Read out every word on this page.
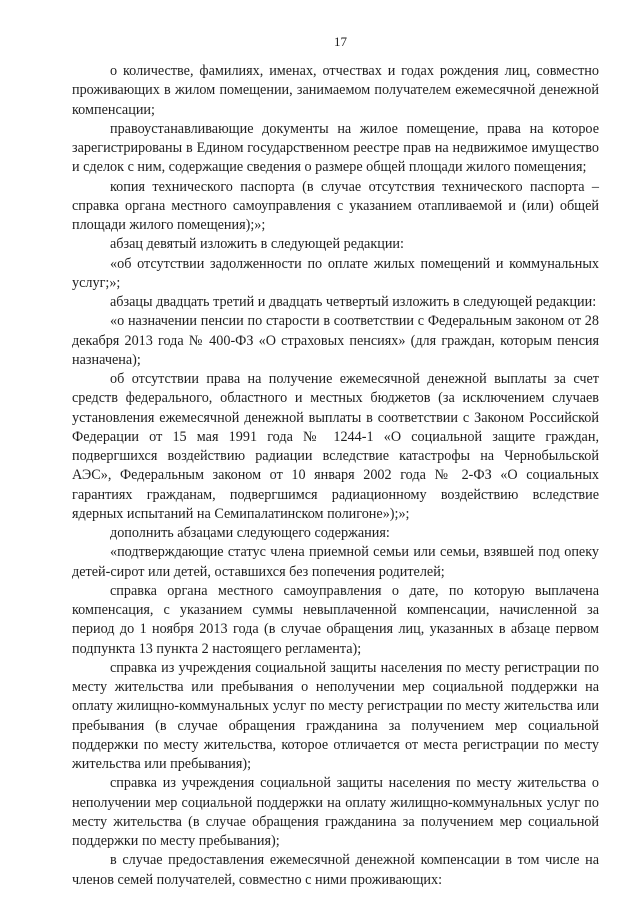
17

о количестве, фамилиях, именах, отчествах и годах рождения лиц, совместно проживающих в жилом помещении, занимаемом получателем ежемесячной денежной компенсации;

правоустанавливающие документы на жилое помещение, права на которое зарегистрированы в Едином государственном реестре прав на недвижимое имущество и сделок с ним, содержащие сведения о размере общей площади жилого помещения;

копия технического паспорта (в случае отсутствия технического паспорта – справка органа местного самоуправления с указанием отапливаемой и (или) общей площади жилого помещения);»;

абзац девятый изложить в следующей редакции:

«об отсутствии задолженности по оплате жилых помещений и коммунальных услуг;»;

абзацы двадцать третий и двадцать четвертый изложить в следующей редакции:

«о назначении пенсии по старости в соответствии с Федеральным законом от 28 декабря 2013 года № 400-ФЗ «О страховых пенсиях» (для граждан, которым пенсия назначена);

об отсутствии права на получение ежемесячной денежной выплаты за счет средств федерального, областного и местных бюджетов (за исключением случаев установления ежемесячной денежной выплаты в соответствии с Законом Российской Федерации от 15 мая 1991 года № 1244-1 «О социальной защите граждан, подвергшихся воздействию радиации вследствие катастрофы на Чернобыльской АЭС», Федеральным законом от 10 января 2002 года № 2-ФЗ «О социальных гарантиях гражданам, подвергшимся радиационному воздействию вследствие ядерных испытаний на Семипалатинском полигоне»);»;

дополнить абзацами следующего содержания:

«подтверждающие статус члена приемной семьи или семьи, взявшей под опеку детей-сирот или детей, оставшихся без попечения родителей;

справка органа местного самоуправления о дате, по которую выплачена компенсация, с указанием суммы невыплаченной компенсации, начисленной за период до 1 ноября 2013 года (в случае обращения лиц, указанных в абзаце первом подпункта 13 пункта 2 настоящего регламента);

справка из учреждения социальной защиты населения по месту регистрации по месту жительства или пребывания о неполучении мер социальной поддержки на оплату жилищно-коммунальных услуг по месту регистрации по месту жительства или пребывания (в случае обращения гражданина за получением мер социальной поддержки по месту жительства, которое отличается от места регистрации по месту жительства или пребывания);

справка из учреждения социальной защиты населения по месту жительства о неполучении мер социальной поддержки на оплату жилищно-коммунальных услуг по месту жительства (в случае обращения гражданина за получением мер социальной поддержки по месту пребывания);

в случае предоставления ежемесячной денежной компенсации в том числе на членов семей получателей, совместно с ними проживающих:
